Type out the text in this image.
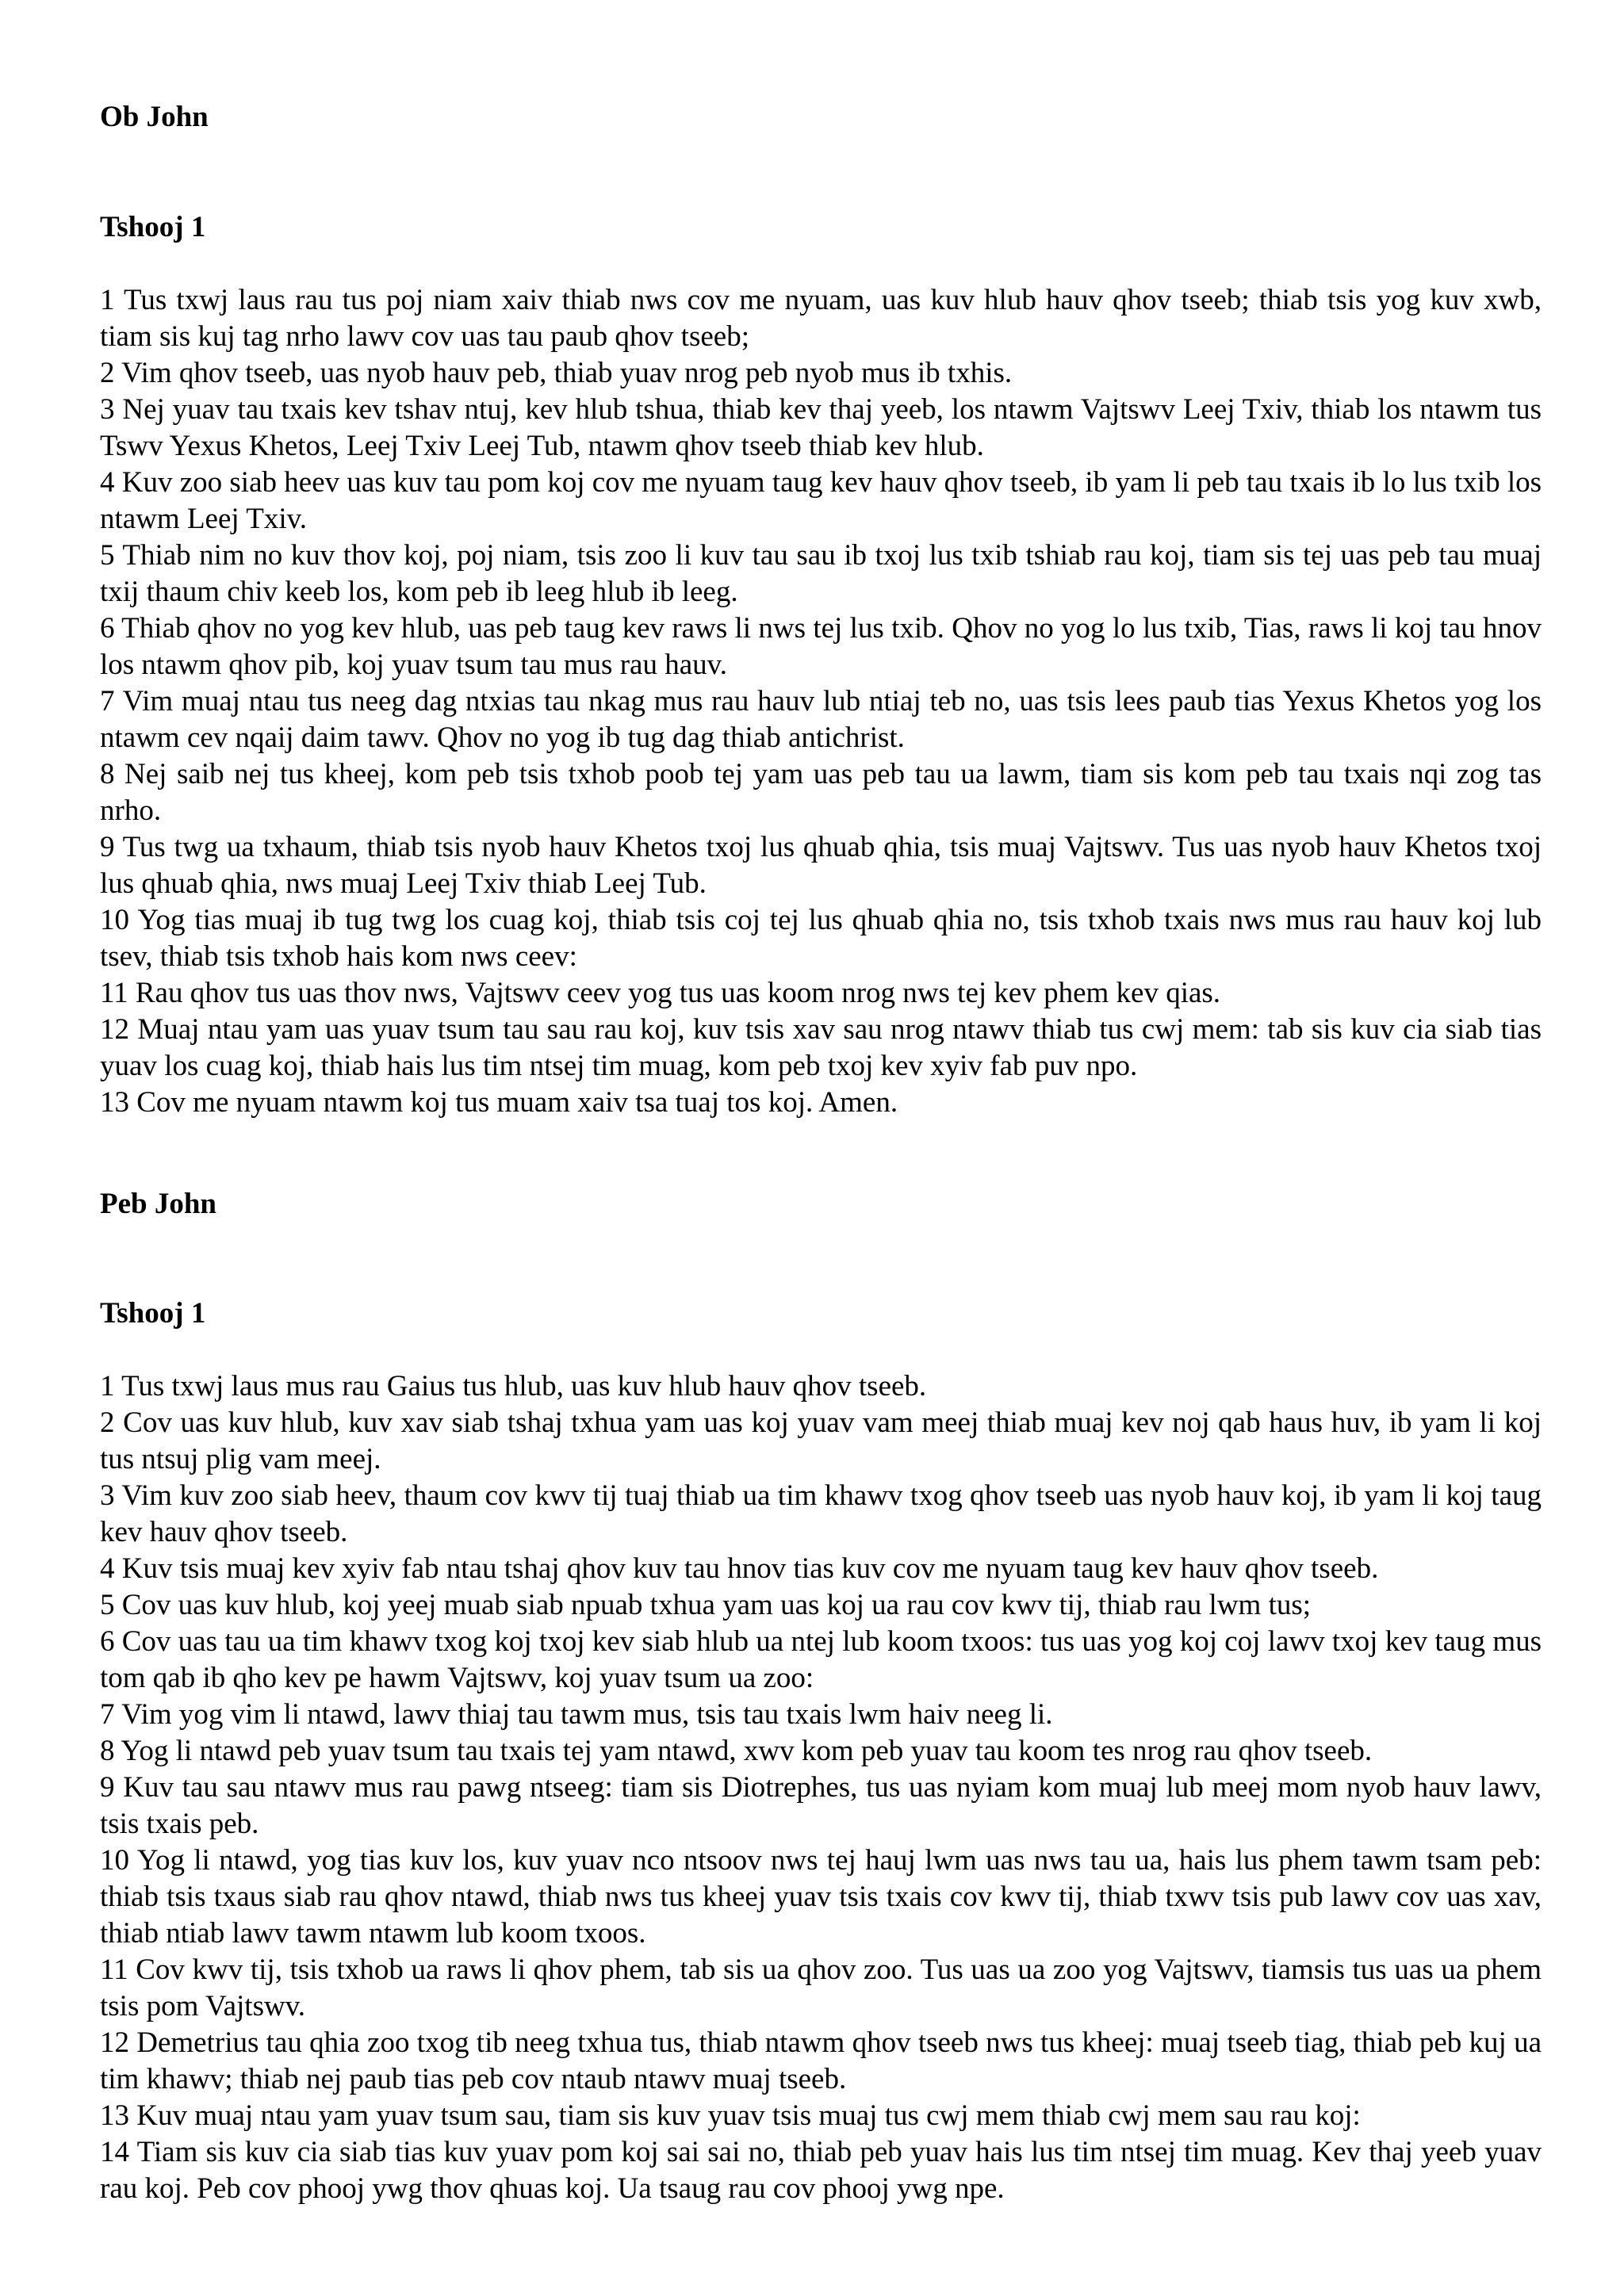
Ob John
Tshooj 1
1 Tus txwj laus rau tus poj niam xaiv thiab nws cov me nyuam, uas kuv hlub hauv qhov tseeb; thiab tsis yog kuv xwb, tiam sis kuj tag nrho lawv cov uas tau paub qhov tseeb;
2 Vim qhov tseeb, uas nyob hauv peb, thiab yuav nrog peb nyob mus ib txhis.
3 Nej yuav tau txais kev tshav ntuj, kev hlub tshua, thiab kev thaj yeeb, los ntawm Vajtswv Leej Txiv, thiab los ntawm tus Tswv Yexus Khetos, Leej Txiv Leej Tub, ntawm qhov tseeb thiab kev hlub.
4 Kuv zoo siab heev uas kuv tau pom koj cov me nyuam taug kev hauv qhov tseeb, ib yam li peb tau txais ib lo lus txib los ntawm Leej Txiv.
5 Thiab nim no kuv thov koj, poj niam, tsis zoo li kuv tau sau ib txoj lus txib tshiab rau koj, tiam sis tej uas peb tau muaj txij thaum chiv keeb los, kom peb ib leeg hlub ib leeg.
6 Thiab qhov no yog kev hlub, uas peb taug kev raws li nws tej lus txib. Qhov no yog lo lus txib, Tias, raws li koj tau hnov los ntawm qhov pib, koj yuav tsum tau mus rau hauv.
7 Vim muaj ntau tus neeg dag ntxias tau nkag mus rau hauv lub ntiaj teb no, uas tsis lees paub tias Yexus Khetos yog los ntawm cev nqaij daim tawv. Qhov no yog ib tug dag thiab antichrist.
8 Nej saib nej tus kheej, kom peb tsis txhob poob tej yam uas peb tau ua lawm, tiam sis kom peb tau txais nqi zog tas nrho.
9 Tus twg ua txhaum, thiab tsis nyob hauv Khetos txoj lus qhuab qhia, tsis muaj Vajtswv. Tus uas nyob hauv Khetos txoj lus qhuab qhia, nws muaj Leej Txiv thiab Leej Tub.
10 Yog tias muaj ib tug twg los cuag koj, thiab tsis coj tej lus qhuab qhia no, tsis txhob txais nws mus rau hauv koj lub tsev, thiab tsis txhob hais kom nws ceev:
11 Rau qhov tus uas thov nws, Vajtswv ceev yog tus uas koom nrog nws tej kev phem kev qias.
12 Muaj ntau yam uas yuav tsum tau sau rau koj, kuv tsis xav sau nrog ntawv thiab tus cwj mem: tab sis kuv cia siab tias yuav los cuag koj, thiab hais lus tim ntsej tim muag, kom peb txoj kev xyiv fab puv npo.
13 Cov me nyuam ntawm koj tus muam xaiv tsa tuaj tos koj. Amen.
Peb John
Tshooj 1
1 Tus txwj laus mus rau Gaius tus hlub, uas kuv hlub hauv qhov tseeb.
2 Cov uas kuv hlub, kuv xav siab tshaj txhua yam uas koj yuav vam meej thiab muaj kev noj qab haus huv, ib yam li koj tus ntsuj plig vam meej.
3 Vim kuv zoo siab heev, thaum cov kwv tij tuaj thiab ua tim khawv txog qhov tseeb uas nyob hauv koj, ib yam li koj taug kev hauv qhov tseeb.
4 Kuv tsis muaj kev xyiv fab ntau tshaj qhov kuv tau hnov tias kuv cov me nyuam taug kev hauv qhov tseeb.
5 Cov uas kuv hlub, koj yeej muab siab npuab txhua yam uas koj ua rau cov kwv tij, thiab rau lwm tus;
6 Cov uas tau ua tim khawv txog koj txoj kev siab hlub ua ntej lub koom txoos: tus uas yog koj coj lawv txoj kev taug mus tom qab ib qho kev pe hawm Vajtswv, koj yuav tsum ua zoo:
7 Vim yog vim li ntawd, lawv thiaj tau tawm mus, tsis tau txais lwm haiv neeg li.
8 Yog li ntawd peb yuav tsum tau txais tej yam ntawd, xwv kom peb yuav tau koom tes nrog rau qhov tseeb.
9 Kuv tau sau ntawv mus rau pawg ntseeg: tiam sis Diotrephes, tus uas nyiam kom muaj lub meej mom nyob hauv lawv, tsis txais peb.
10 Yog li ntawd, yog tias kuv los, kuv yuav nco ntsoov nws tej hauj lwm uas nws tau ua, hais lus phem tawm tsam peb: thiab tsis txaus siab rau qhov ntawd, thiab nws tus kheej yuav tsis txais cov kwv tij, thiab txwv tsis pub lawv cov uas xav, thiab ntiab lawv tawm ntawm lub koom txoos.
11 Cov kwv tij, tsis txhob ua raws li qhov phem, tab sis ua qhov zoo. Tus uas ua zoo yog Vajtswv, tiamsis tus uas ua phem tsis pom Vajtswv.
12 Demetrius tau qhia zoo txog tib neeg txhua tus, thiab ntawm qhov tseeb nws tus kheej: muaj tseeb tiag, thiab peb kuj ua tim khawv; thiab nej paub tias peb cov ntaub ntawv muaj tseeb.
13 Kuv muaj ntau yam yuav tsum sau, tiam sis kuv yuav tsis muaj tus cwj mem thiab cwj mem sau rau koj:
14 Tiam sis kuv cia siab tias kuv yuav pom koj sai sai no, thiab peb yuav hais lus tim ntsej tim muag. Kev thaj yeeb yuav rau koj. Peb cov phooj ywg thov qhuas koj. Ua tsaug rau cov phooj ywg npe.
